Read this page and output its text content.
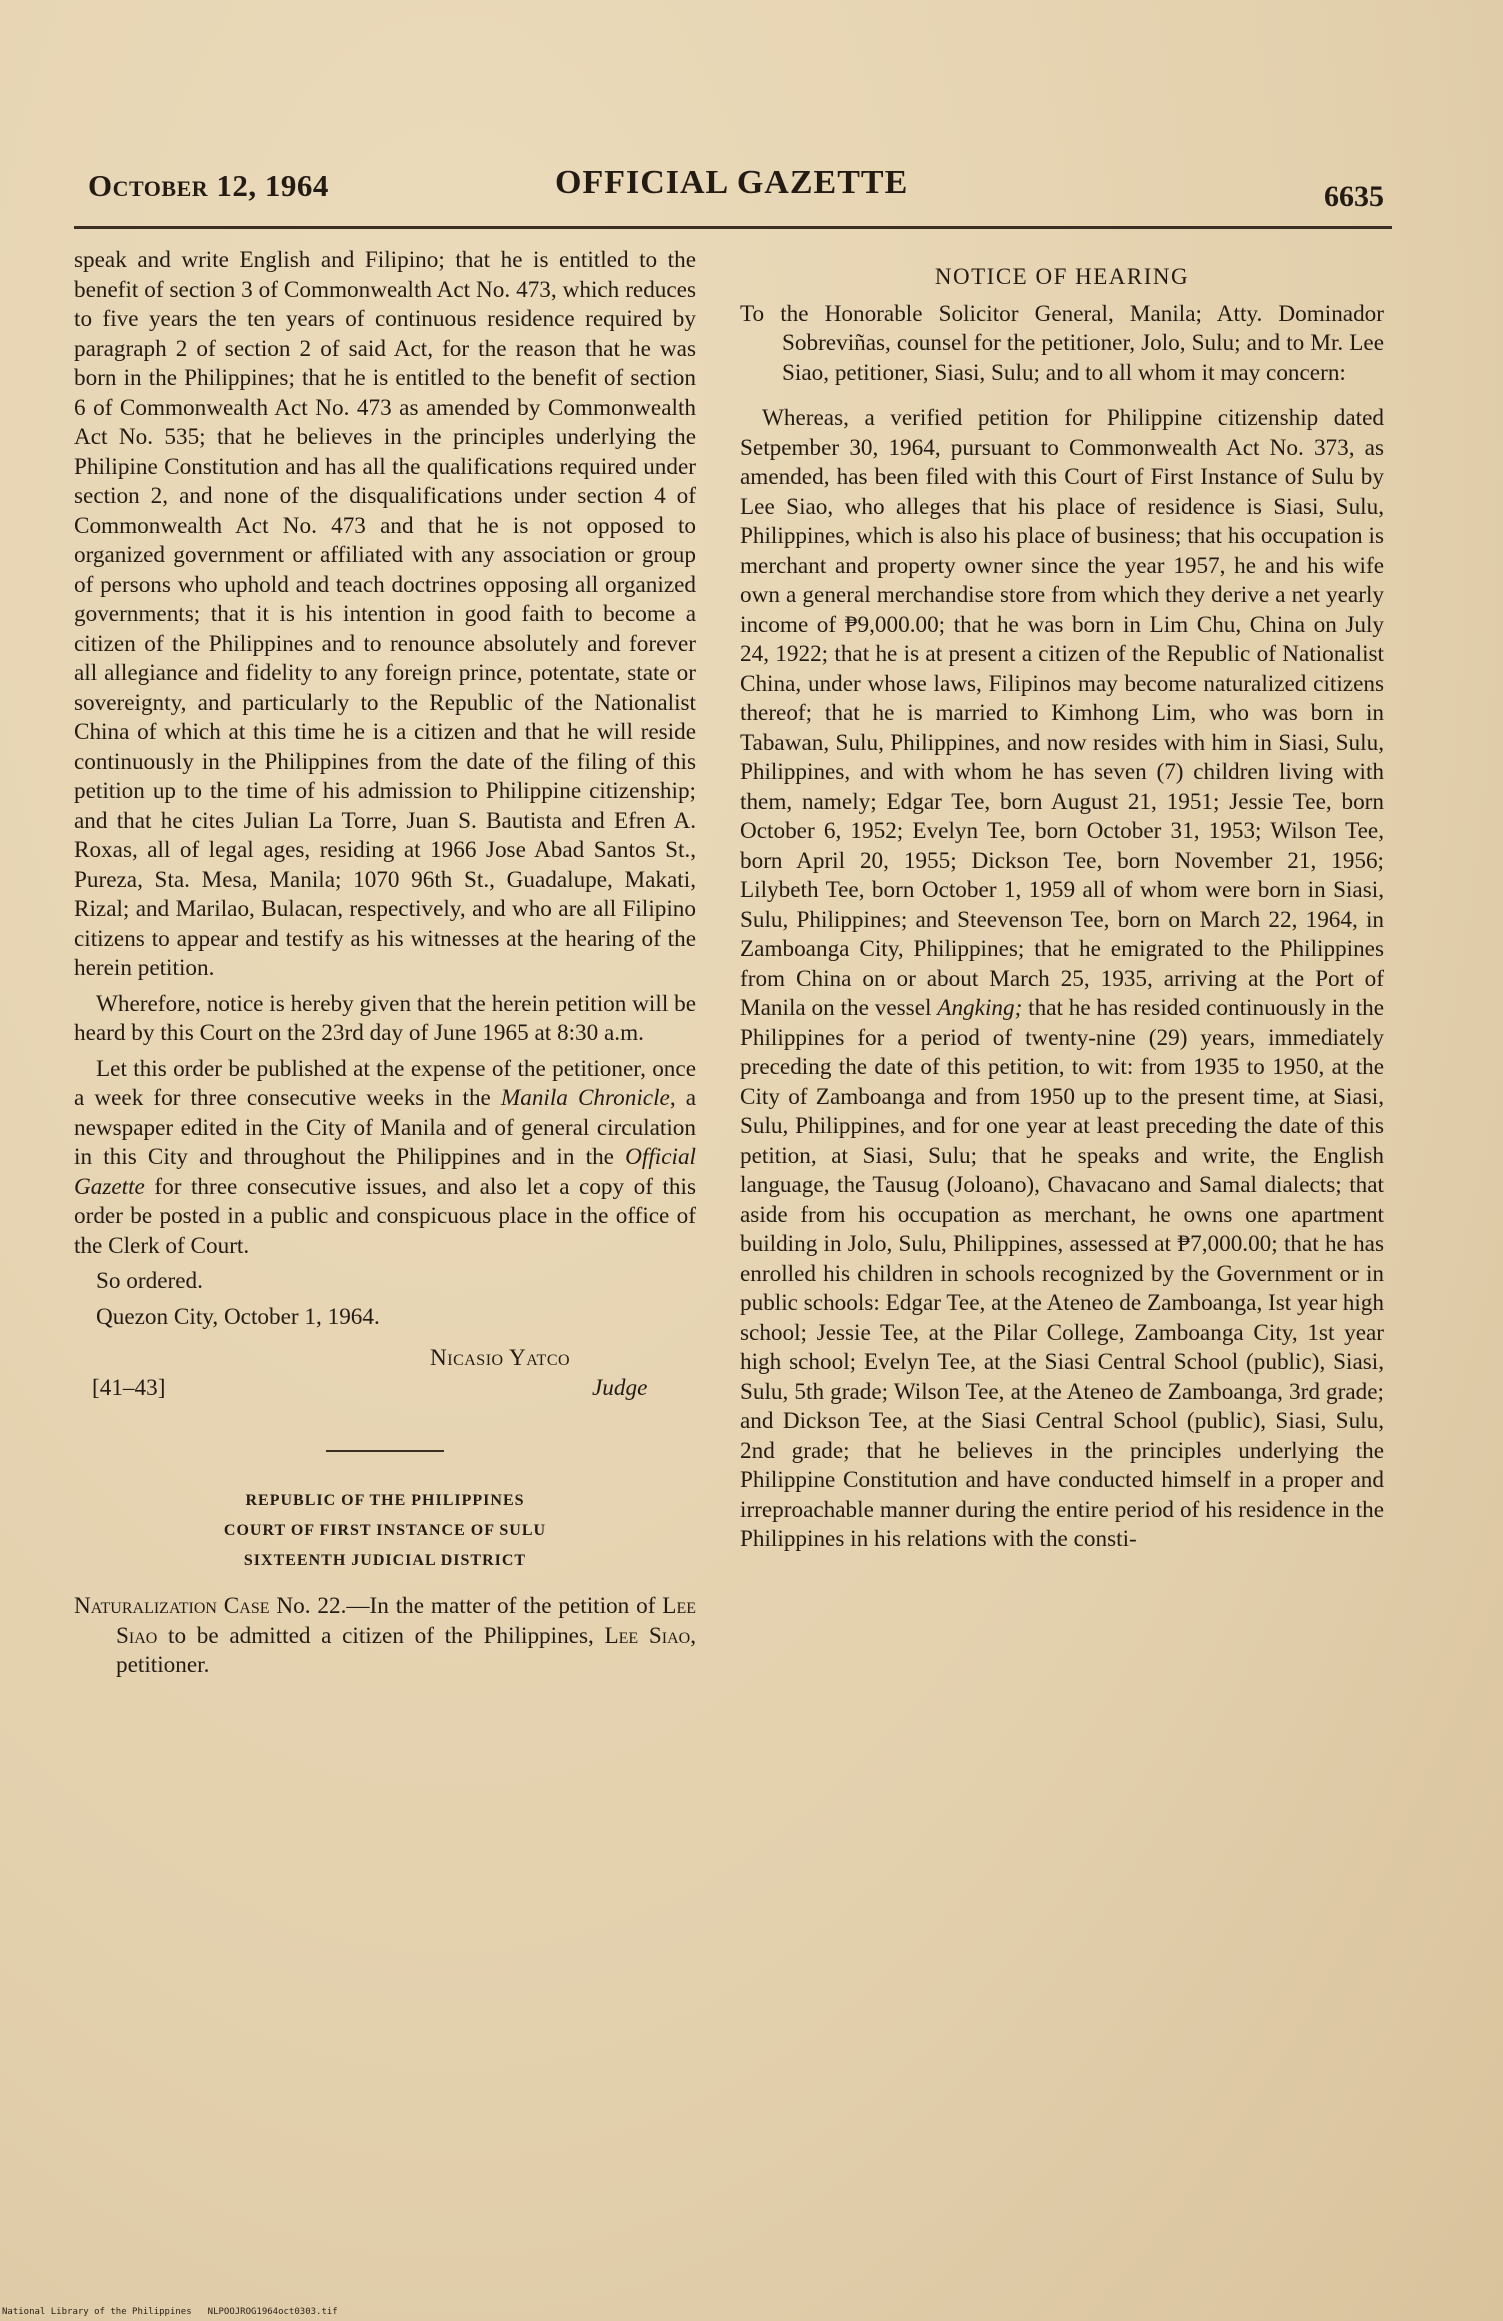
October 12, 1964	OFFICIAL GAZETTE	6635

speak and write English and Filipino; that he is entitled to the benefit of section 3 of Commonwealth Act No. 473, which reduces to five years the ten years of continuous residence required by paragraph 2 of section 2 of said Act, for the reason that he was born in the Philippines; that he is entitled to the benefit of section 6 of Commonwealth Act No. 473 as amended by Commonwealth Act No. 535; that he believes in the principles underlying the Philipine Constitution and has all the qualifications required under section 2, and none of the disqualifications under section 4 of Commonwealth Act No. 473 and that he is not opposed to organized government or affiliated with any association or group of persons who uphold and teach doctrines opposing all organized governments; that it is his intention in good faith to become a citizen of the Philippines and to renounce absolutely and forever all allegiance and fidelity to any foreign prince, potentate, state or sovereignty, and particularly to the Republic of the Nationalist China of which at this time he is a citizen and that he will reside continuously in the Philippines from the date of the filing of this petition up to the time of his admission to Philippine citizenship; and that he cites Julian La Torre, Juan S. Bautista and Efren A. Roxas, all of legal ages, residing at 1966 Jose Abad Santos St., Pureza, Sta. Mesa, Manila; 1070 96th St., Guadalupe, Makati, Rizal; and Marilao, Bulacan, respectively, and who are all Filipino citizens to appear and testify as his witnesses at the hearing of the herein petition.

Wherefore, notice is hereby given that the herein petition will be heard by this Court on the 23rd day of June 1965 at 8:30 a.m.

Let this order be published at the expense of the petitioner, once a week for three consecutive weeks in the Manila Chronicle, a newspaper edited in the City of Manila and of general circulation in this City and throughout the Philippines and in the Official Gazette for three consecutive issues, and also let a copy of this order be posted in a public and conspicuous place in the office of the Clerk of Court.

So ordered.

Quezon City, October 1, 1964.

Nicasio Yatco
[41–43]	Judge
REPUBLIC OF THE PHILIPPINES
COURT OF FIRST INSTANCE OF SULU
SIXTEENTH JUDICIAL DISTRICT

Naturalization Case No. 22.—In the matter of the petition of Lee Siao to be admitted a citizen of the Philippines, Lee Siao, petitioner.

NOTICE OF HEARING

To the Honorable Solicitor General, Manila; Atty. Dominador Sobreviñas, counsel for the petitioner, Jolo, Sulu; and to Mr. Lee Siao, petitioner, Siasi, Sulu; and to all whom it may concern:

Whereas, a verified petition for Philippine citizenship dated Setpember 30, 1964, pursuant to Commonwealth Act No. 373, as amended, has been filed with this Court of First Instance of Sulu by Lee Siao, who alleges that his place of residence is Siasi, Sulu, Philippines, which is also his place of business; that his occupation is merchant and property owner since the year 1957, he and his wife own a general merchandise store from which they derive a net yearly income of ₱9,000.00; that he was born in Lim Chu, China on July 24, 1922; that he is at present a citizen of the Republic of Nationalist China, under whose laws, Filipinos may become naturalized citizens thereof; that he is married to Kimhong Lim, who was born in Tabawan, Sulu, Philippines, and now resides with him in Siasi, Sulu, Philippines, and with whom he has seven (7) children living with them, namely; Edgar Tee, born August 21, 1951; Jessie Tee, born October 6, 1952; Evelyn Tee, born October 31, 1953; Wilson Tee, born April 20, 1955; Dickson Tee, born November 21, 1956; Lilybeth Tee, born October 1, 1959 all of whom were born in Siasi, Sulu, Philippines; and Steevenson Tee, born on March 22, 1964, in Zamboanga City, Philippines; that he emigrated to the Philippines from China on or about March 25, 1935, arriving at the Port of Manila on the vessel Angking; that he has resided continuously in the Philippines for a period of twenty-nine (29) years, immediately preceding the date of this petition, to wit: from 1935 to 1950, at the City of Zamboanga and from 1950 up to the present time, at Siasi, Sulu, Philippines, and for one year at least preceding the date of this petition, at Siasi, Sulu; that he speaks and write, the English language, the Tausug (Joloano), Chavacano and Samal dialects; that aside from his occupation as merchant, he owns one apartment building in Jolo, Sulu, Philippines, assessed at ₱7,000.00; that he has enrolled his children in schools recognized by the Government or in public schools: Edgar Tee, at the Ateneo de Zamboanga, Ist year high school; Jessie Tee, at the Pilar College, Zamboanga City, 1st year high school; Evelyn Tee, at the Siasi Central School (public), Siasi, Sulu, 5th grade; Wilson Tee, at the Ateneo de Zamboanga, 3rd grade; and Dickson Tee, at the Siasi Central School (public), Siasi, Sulu, 2nd grade; that he believes in the principles underlying the Philippine Constitution and have conducted himself in a proper and irreproachable manner during the entire period of his residence in the Philippines in his relations with the consti-

National Library of the Philippines NLPOOJROG1964oct0303.tif
